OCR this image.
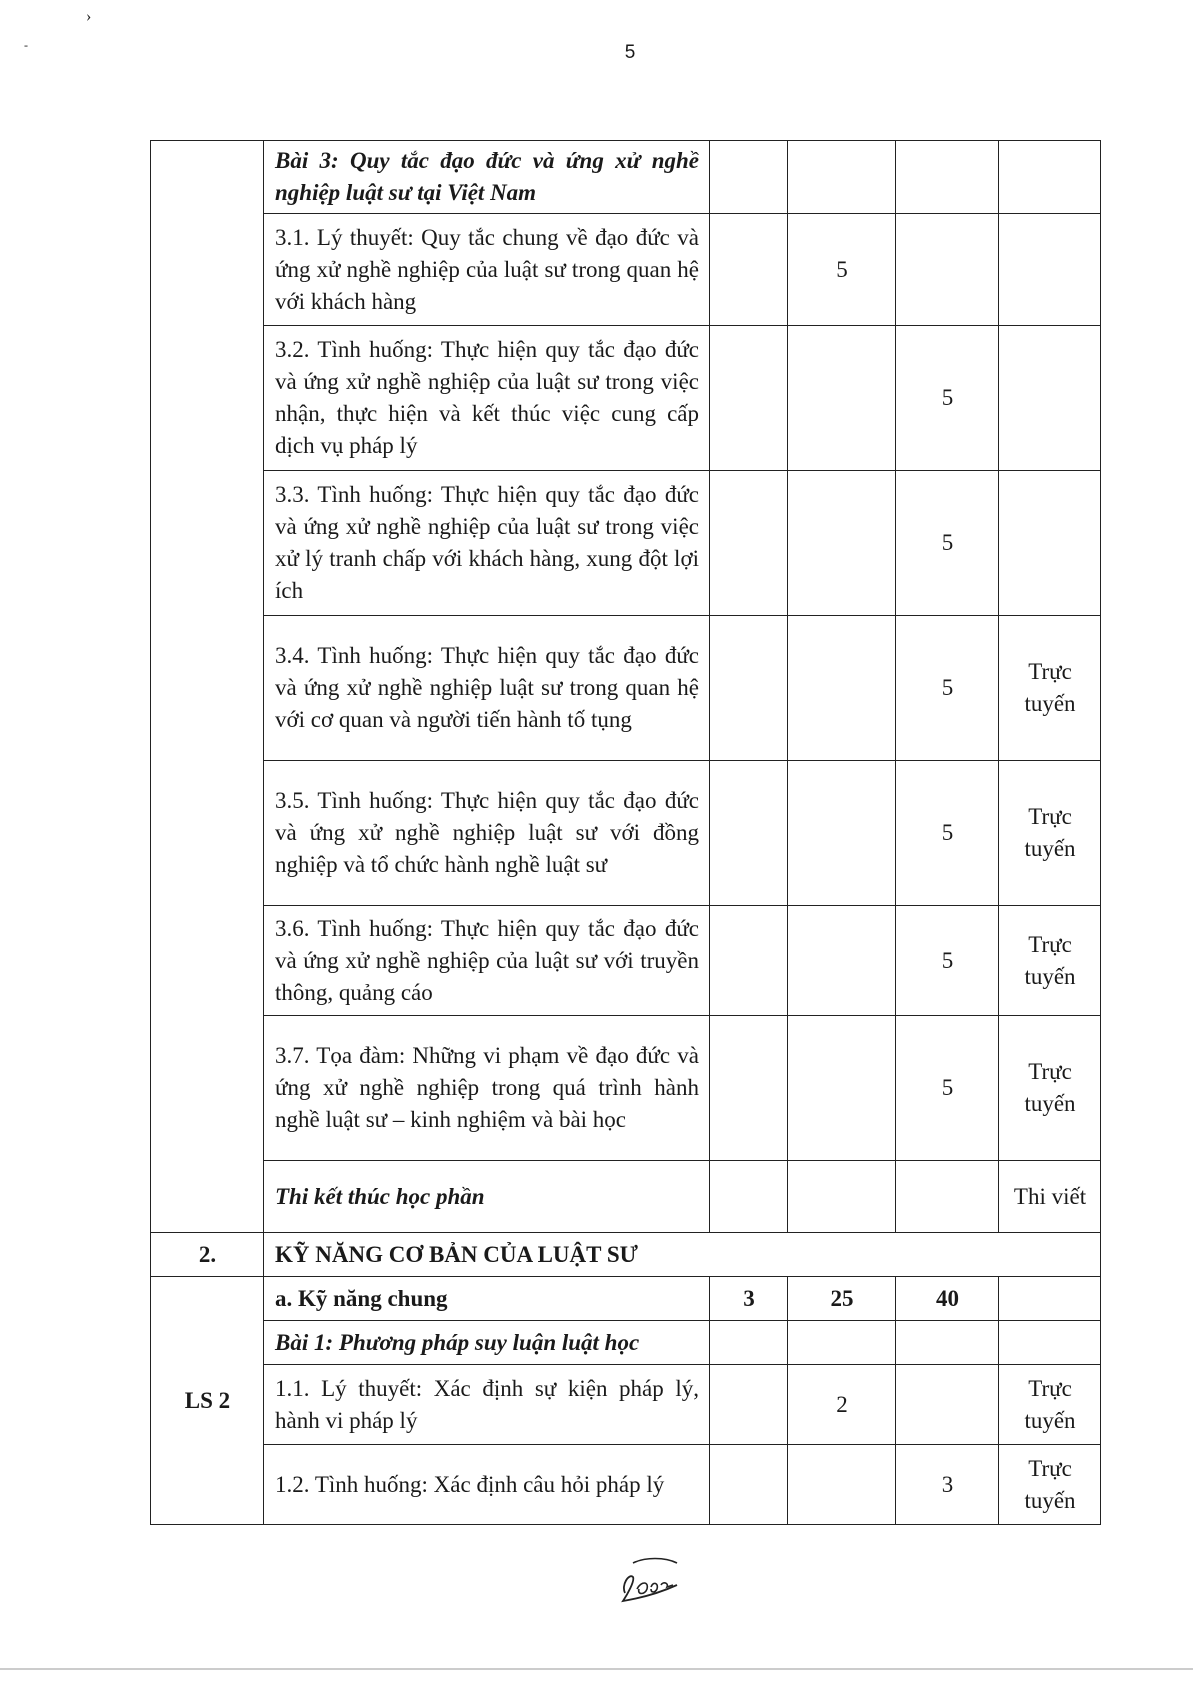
›
-	5
	Bài 3: Quy tắc đạo đức và ứng xử nghề nghiệp luật sư tại Việt Nam				
	3.1. Lý thuyết: Quy tắc chung về đạo đức và ứng xử nghề nghiệp của luật sư trong quan hệ với khách hàng		5		
	3.2. Tình huống: Thực hiện quy tắc đạo đức và ứng xử nghề nghiệp của luật sư trong việc nhận, thực hiện và kết thúc việc cung cấp dịch vụ pháp lý			5	
	3.3. Tình huống: Thực hiện quy tắc đạo đức và ứng xử nghề nghiệp của luật sư trong việc xử lý tranh chấp với khách hàng, xung đột lợi ích			5	
	3.4. Tình huống: Thực hiện quy tắc đạo đức và ứng xử nghề nghiệp luật sư trong quan hệ với cơ quan và người tiến hành tố tụng			5	Trực tuyến
	3.5. Tình huống: Thực hiện quy tắc đạo đức và ứng xử nghề nghiệp luật sư với đồng nghiệp và tổ chức hành nghề luật sư			5	Trực tuyến
	3.6. Tình huống: Thực hiện quy tắc đạo đức và ứng xử nghề nghiệp của luật sư với truyền thông, quảng cáo			5	Trực tuyến
	3.7. Tọa đàm: Những vi phạm về đạo đức và ứng xử nghề nghiệp trong quá trình hành nghề luật sư – kinh nghiệm và bài học			5	Trực tuyến
	Thi kết thúc học phần				Thi viết
2.	KỸ NĂNG CƠ BẢN CỦA LUẬT SƯ				
LS 2	a. Kỹ năng chung	3	25	40	
	Bài 1: Phương pháp suy luận luật học				
	1.1. Lý thuyết: Xác định sự kiện pháp lý, hành vi pháp lý		2		Trực tuyến
	1.2. Tình huống: Xác định câu hỏi pháp lý			3	Trực tuyến
